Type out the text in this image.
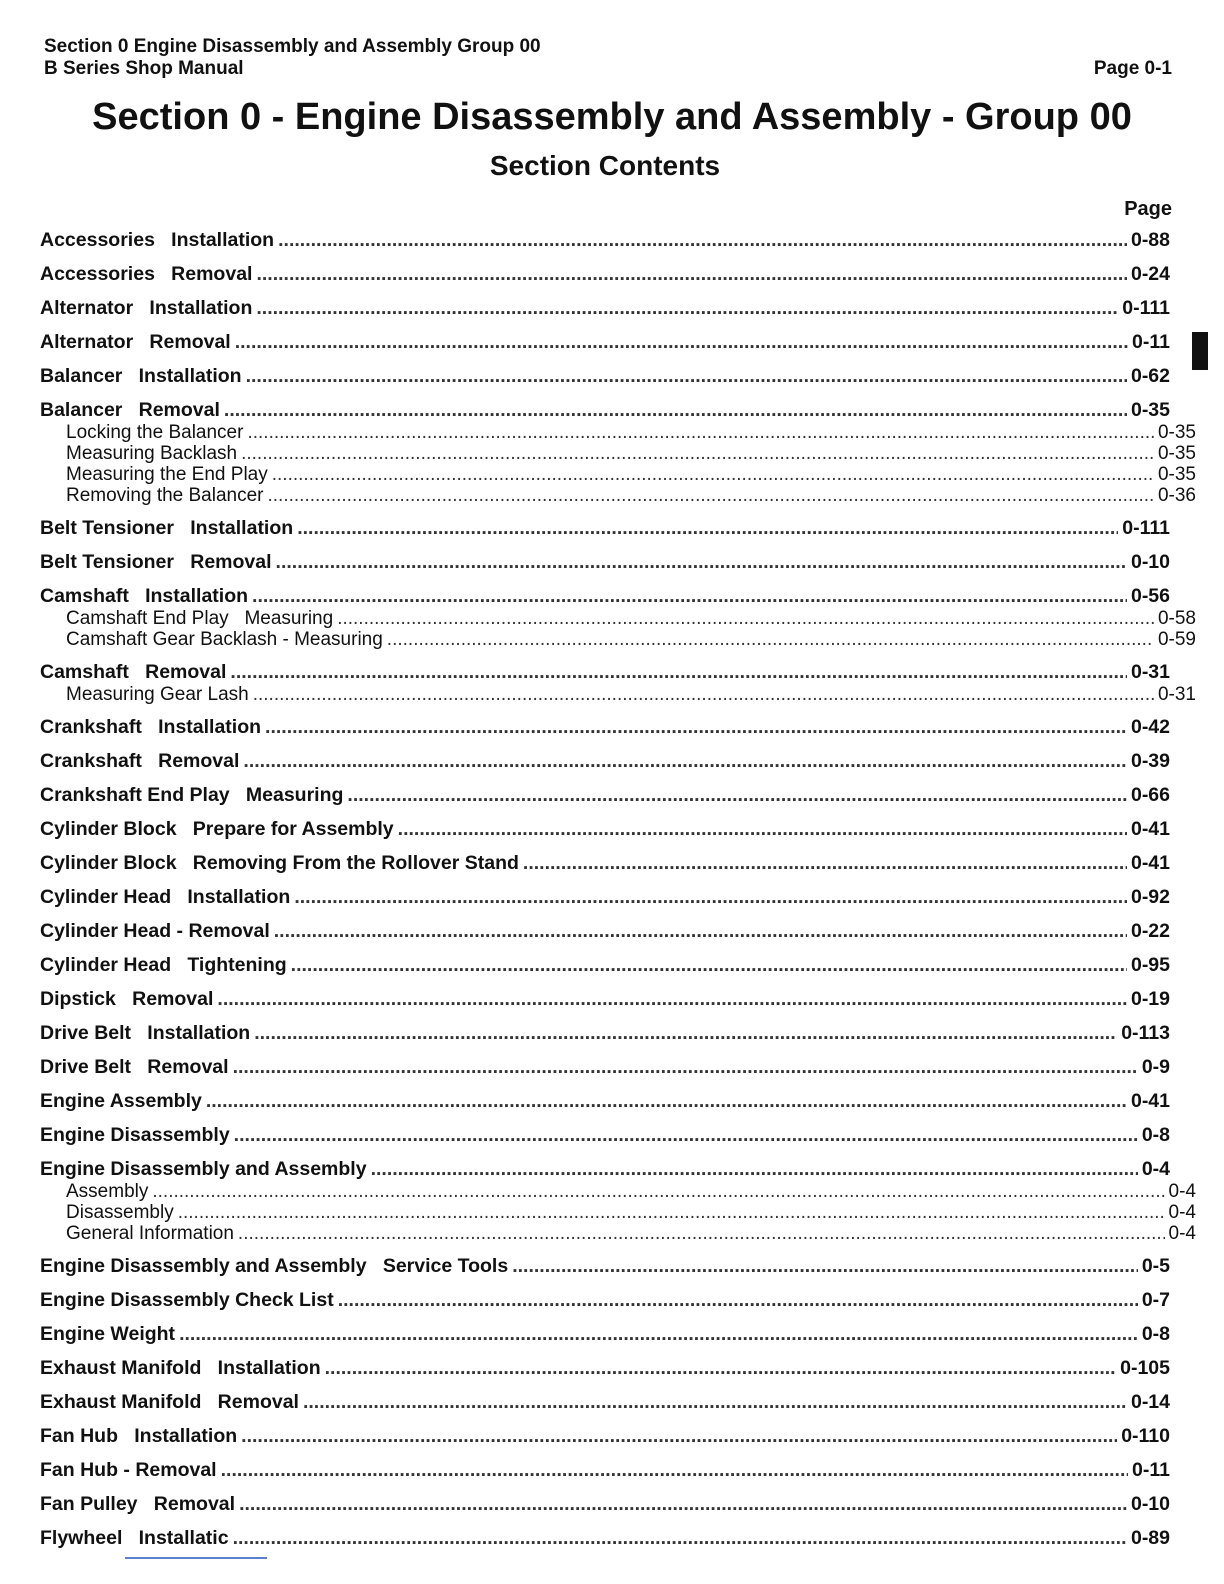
Section 0 Engine Disassembly and Assembly Group 00
B Series Shop Manual	Page 0-1
Section 0 - Engine Disassembly and Assembly - Group 00
Section Contents
Page
Accessories   Installation .....	0-88
Accessories   Removal .....	0-24
Alternator   Installation .....	0-111
Alternator   Removal .....	0-11
Balancer   Installation .....	0-62
Balancer   Removal .....	0-35
Locking the Balancer .....	0-35
Measuring Backlash .....	0-35
Measuring the End Play .....	0-35
Removing the Balancer .....	0-36
Belt Tensioner   Installation .....	0-111
Belt Tensioner   Removal .....	0-10
Camshaft   Installation .....	0-56
Camshaft End Play   Measuring .....	0-58
Camshaft Gear Backlash - Measuring .....	0-59
Camshaft   Removal .....	0-31
Measuring Gear Lash .....	0-31
Crankshaft   Installation .....	0-42
Crankshaft   Removal .....	0-39
Crankshaft End Play   Measuring .....	0-66
Cylinder Block   Prepare for Assembly .....	0-41
Cylinder Block   Removing From the Rollover Stand .....	0-41
Cylinder Head   Installation .....	0-92
Cylinder Head - Removal .....	0-22
Cylinder Head   Tightening .....	0-95
Dipstick   Removal .....	0-19
Drive Belt   Installation .....	0-113
Drive Belt   Removal .....	0-9
Engine Assembly .....	0-41
Engine Disassembly .....	0-8
Engine Disassembly and Assembly .....	0-4
Assembly .....	0-4
Disassembly .....	0-4
General Information .....	0-4
Engine Disassembly and Assembly   Service Tools .....	0-5
Engine Disassembly Check List .....	0-7
Engine Weight .....	0-8
Exhaust Manifold   Installation .....	0-105
Exhaust Manifold   Removal .....	0-14
Fan Hub   Installation .....	0-110
Fan Hub - Removal .....	0-11
Fan Pulley   Removal .....	0-10
Flywheel   Installatic .....	0-89
